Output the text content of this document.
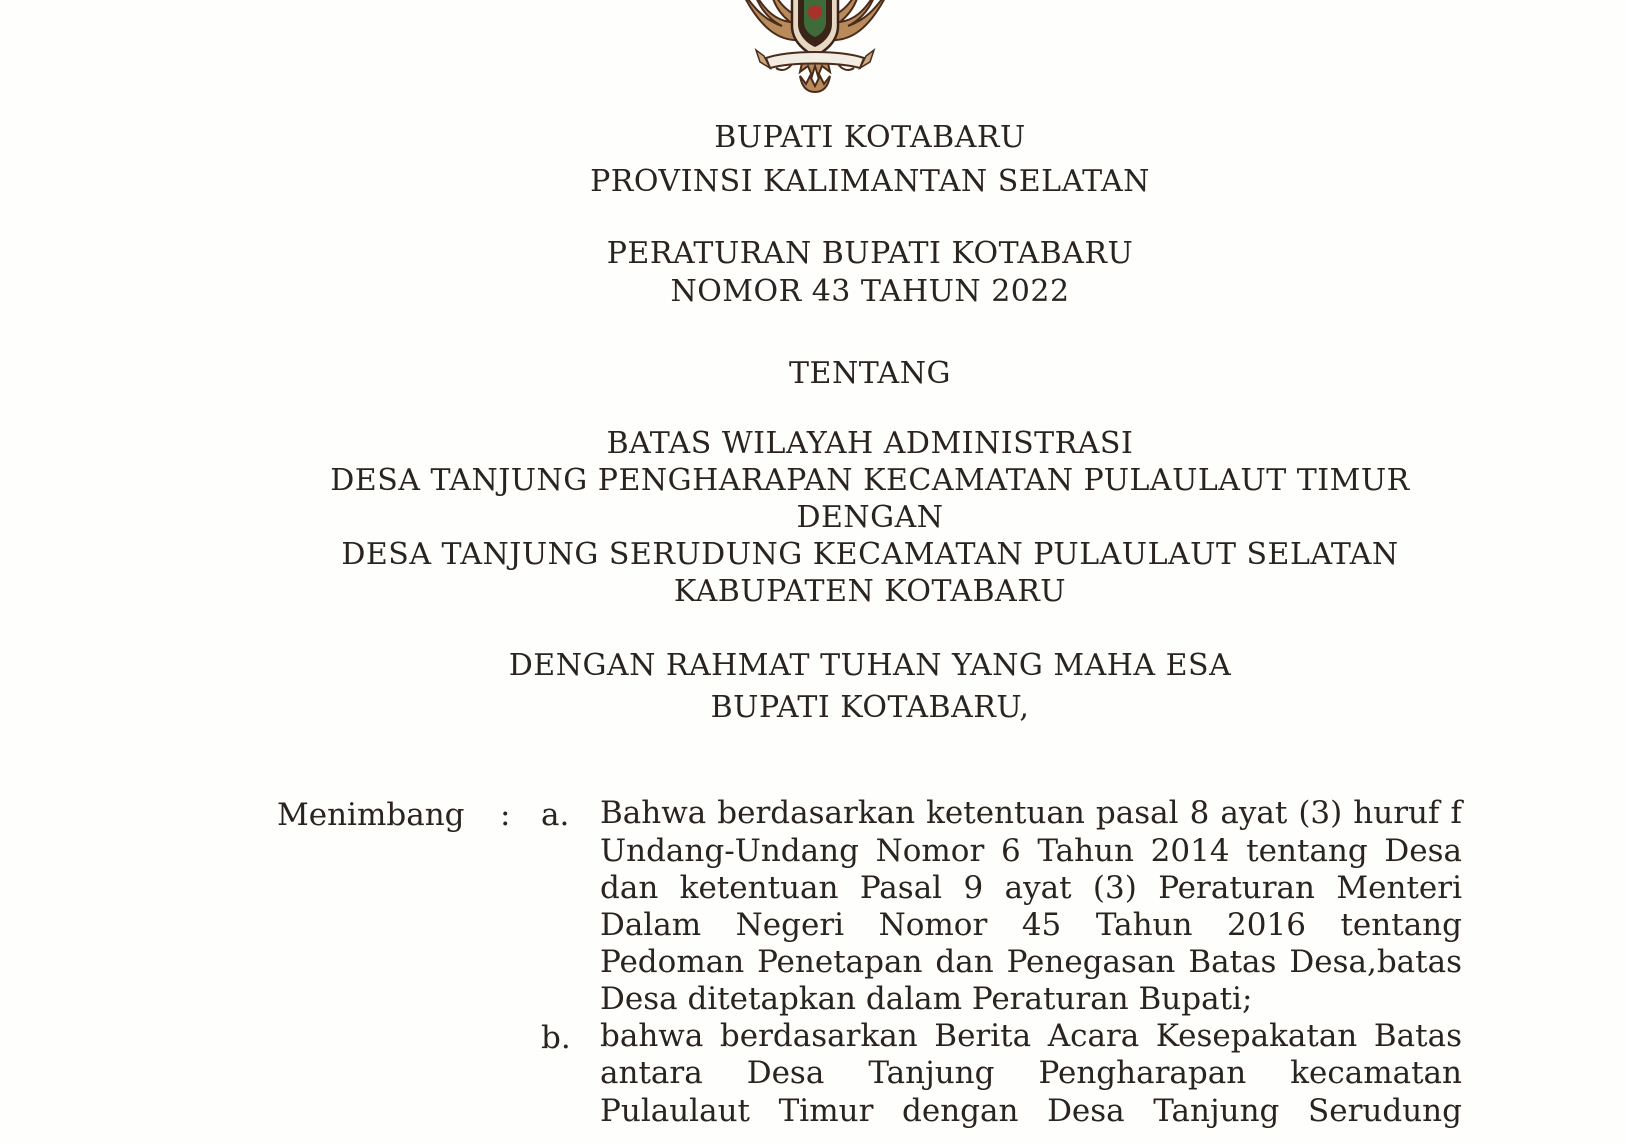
BUPATI KOTABARU
PROVINSI KALIMANTAN SELATAN
PERATURAN BUPATI KOTABARU
NOMOR 43 TAHUN 2022
TENTANG
BATAS WILAYAH ADMINISTRASI
DESA TANJUNG PENGHARAPAN KECAMATAN PULAULAUT TIMUR
DENGAN
DESA TANJUNG SERUDUNG KECAMATAN PULAULAUT SELATAN
KABUPATEN KOTABARU
DENGAN RAHMAT TUHAN YANG MAHA ESA
BUPATI KOTABARU,
Menimbang : a. Bahwa berdasarkan ketentuan pasal 8 ayat (3) huruf f
Undang-Undang Nomor 6 Tahun 2014 tentang Desa
dan ketentuan Pasal 9 ayat (3) Peraturan Menteri
Dalam Negeri Nomor 45 Tahun 2016 tentang
Pedoman Penetapan dan Penegasan Batas Desa,batas
Desa ditetapkan dalam Peraturan Bupati;
b. bahwa berdasarkan Berita Acara Kesepakatan Batas
antara Desa Tanjung Pengharapan kecamatan
Pulaulaut Timur dengan Desa Tanjung Serudung
